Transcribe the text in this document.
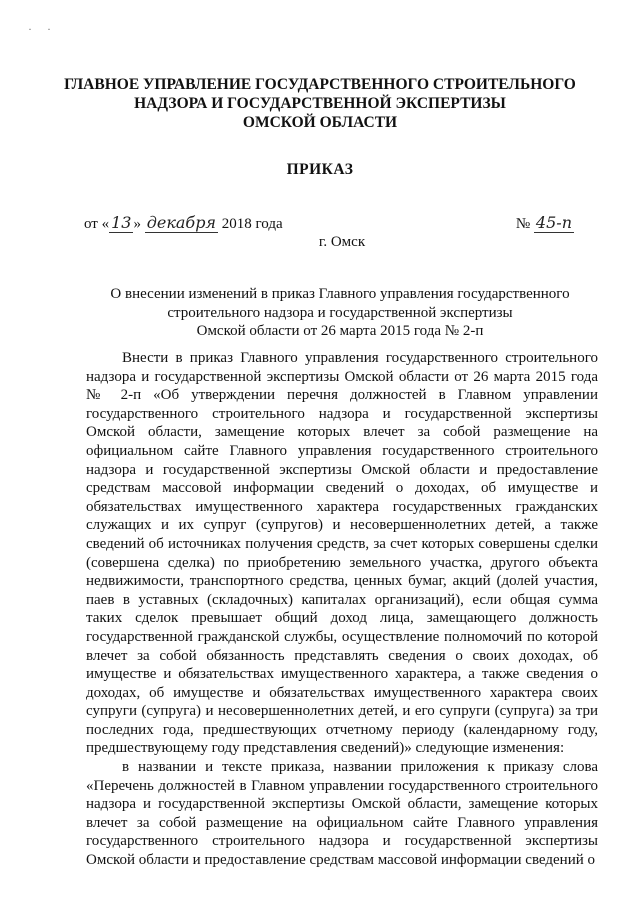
· ·
ГЛАВНОЕ УПРАВЛЕНИЕ ГОСУДАРСТВЕННОГО СТРОИТЕЛЬНОГО
НАДЗОРА И ГОСУДАРСТВЕННОЙ ЭКСПЕРТИЗЫ
ОМСКОЙ ОБЛАСТИ
ПРИКАЗ
от « 13 » декабря 2018 года	№ 45-п
г. Омск
О внесении изменений в приказ Главного управления государственного
строительного надзора и государственной экспертизы
Омской области от 26 марта 2015 года № 2-п

Внести в приказ Главного управления государственного строительного надзора и государственной экспертизы Омской области от 26 марта 2015 года № 2-п «Об утверждении перечня должностей в Главном управлении государственного строительного надзора и государственной экспертизы Омской области, замещение которых влечет за собой размещение на официальном сайте Главного управления государственного строительного надзора и государственной экспертизы Омской области и предоставление средствам массовой информации сведений о доходах, об имуществе и обязательствах имущественного характера государственных гражданских служащих и их супруг (супругов) и несовершеннолетних детей, а также сведений об источниках получения средств, за счет которых совершены сделки (совершена сделка) по приобретению земельного участка, другого объекта недвижимости, транспортного средства, ценных бумаг, акций (долей участия, паев в уставных (складочных) капиталах организаций), если общая сумма таких сделок превышает общий доход лица, замещающего должность государственной гражданской службы, осуществление полномочий по которой влечет за собой обязанность представлять сведения о своих доходах, об имуществе и обязательствах имущественного характера, а также сведения о доходах, об имуществе и обязательствах имущественного характера своих супруги (супруга) и несовершеннолетних детей, и его супруги (супруга) за три последних года, предшествующих отчетному периоду (календарному году, предшествующему году представления сведений)» следующие изменения:

в названии и тексте приказа, названии приложения к приказу слова «Перечень должностей в Главном управлении государственного строительного надзора и государственной экспертизы Омской области, замещение которых влечет за собой размещение на официальном сайте Главного управления государственного строительного надзора и государственной экспертизы Омской области и предоставление средствам массовой информации сведений о
